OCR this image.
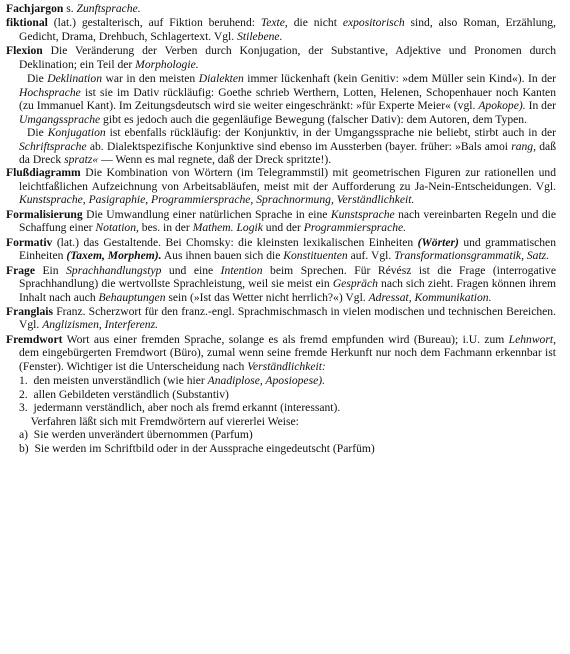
Fachjargon s. Zunftsprache.

fiktional (lat.) gestalterisch, auf Fiktion beruhend: Texte, die nicht expositorisch sind, also Roman, Erzählung, Gedicht, Drama, Drehbuch, Schlagertext. Vgl. Stilebene.

Flexion Die Veränderung der Verben durch Konjugation, der Substantive, Adjektive und Pronomen durch Deklination; ein Teil der Morphologie.

Die Deklination war in den meisten Dialekten immer lückenhaft (kein Genitiv: »dem Müller sein Kind«). In der Hochsprache ist sie im Dativ rückläufig: Goethe schrieb Werthern, Lotten, Helenen, Schopenhauer noch Kanten (zu Immanuel Kant). Im Zeitungsdeutsch wird sie weiter eingeschränkt: »für Experte Meier« (vgl. Apokope). In der Umgangssprache gibt es jedoch auch die gegenläufige Bewegung (falscher Dativ): dem Autoren, dem Typen.

Die Konjugation ist ebenfalls rückläufig: der Konjunktiv, in der Umgangssprache nie beliebt, stirbt auch in der Schriftsprache ab. Dialektspezifische Konjunktive sind ebenso im Aussterben (bayer. früher: »Bals amoi rang, daß da Dreck spratz« — Wenn es mal regnete, daß der Dreck spritzte!).

Flußdiagramm Die Kombination von Wörtern (im Telegrammstil) mit geometrischen Figuren zur rationellen und leichtfaßlichen Aufzeichnung von Arbeitsabläufen, meist mit der Aufforderung zu Ja-Nein-Entscheidungen. Vgl. Kunstsprache, Pasigraphie, Programmiersprache, Sprachnormung, Verständlichkeit.

Formalisierung Die Umwandlung einer natürlichen Sprache in eine Kunstsprache nach vereinbarten Regeln und die Schaffung einer Notation, bes. in der Mathem. Logik und der Programmiersprache.

Formativ (lat.) das Gestaltende. Bei Chomsky: die kleinsten lexikalischen Einheiten (Wörter) und grammatischen Einheiten (Taxem, Morphem). Aus ihnen bauen sich die Konstituenten auf. Vgl. Transformationsgrammatik, Satz.

Frage Ein Sprachhandlungstyp und eine Intention beim Sprechen. Für Révész ist die Frage (interrogative Sprachhandlung) die wertvollste Sprachleistung, weil sie meist ein Gespräch nach sich zieht. Fragen können ihrem Inhalt nach auch Behauptungen sein (»Ist das Wetter nicht herrlich?«) Vgl. Adressat, Kommunikation.

Franglais Franz. Scherzwort für den franz.-engl. Sprachmischmasch in vielen modischen und technischen Bereichen. Vgl. Anglizismen, Interferenz.

Fremdwort Wort aus einer fremden Sprache, solange es als fremd empfunden wird (Bureau); i.U. zum Lehnwort, dem eingebürgerten Fremdwort (Büro), zumal wenn seine fremde Herkunft nur noch dem Fachmann erkennbar ist (Fenster). Wichtiger ist die Unterscheidung nach Verständlichkeit:

1.  den meisten unverständlich (wie hier Anadiplose, Aposiopese).

2.  allen Gebildeten verständlich (Substantiv)

3.  jedermann verständlich, aber noch als fremd erkannt (interessant).

Verfahren läßt sich mit Fremdwörtern auf viererlei Weise:

a)  Sie werden unverändert übernommen (Parfum)

b)  Sie werden im Schriftbild oder in der Aussprache eingedeutscht (Parfüm)
